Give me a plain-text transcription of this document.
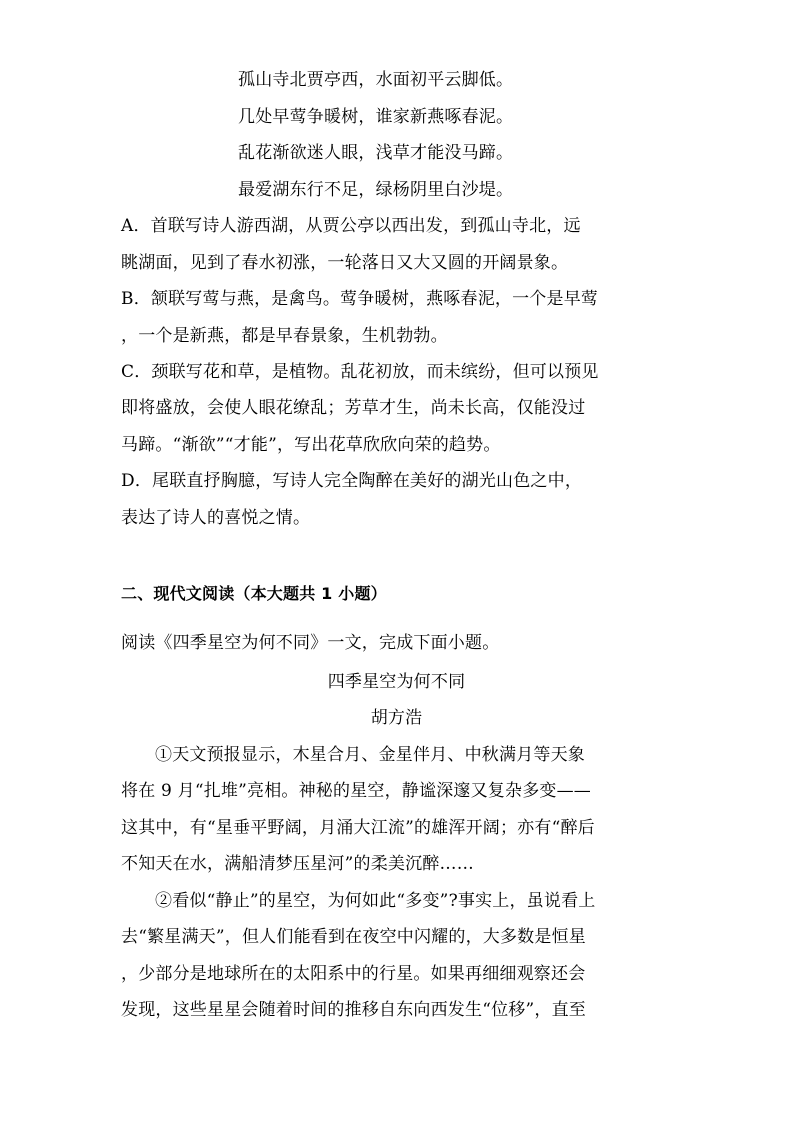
孤山寺北贾亭西，水面初平云脚低。
几处早莺争暖树，谁家新燕啄春泥。
乱花渐欲迷人眼，浅草才能没马蹄。
最爱湖东行不足，绿杨阴里白沙堤。
A．首联写诗人游西湖，从贾公亭以西出发，到孤山寺北，远
眺湖面，见到了春水初涨，一轮落日又大又圆的开阔景象。
B．颔联写莺与燕，是禽鸟。莺争暖树，燕啄春泥，一个是早莺
，一个是新燕，都是早春景象，生机勃勃。
C．颈联写花和草，是植物。乱花初放，而未缤纷，但可以预见
即将盛放，会使人眼花缭乱；芳草才生，尚未长高，仅能没过
马蹄。“渐欲”“才能”，写出花草欣欣向荣的趋势。
D．尾联直抒胸臆，写诗人完全陶醉在美好的湖光山色之中，
表达了诗人的喜悦之情。
二、现代文阅读（本大题共 1 小题）
阅读《四季星空为何不同》一文，完成下面小题。
四季星空为何不同
胡方浩
①天文预报显示，木星合月、金星伴月、中秋满月等天象
将在 9 月“扎堆”亮相。神秘的星空，静谧深邃又复杂多变——
这其中，有“星垂平野阔，月涌大江流”的雄浑开阔；亦有“醉后
不知天在水，满船清梦压星河”的柔美沉醉……
②看似“静止”的星空，为何如此“多变”?事实上，虽说看上
去“繁星满天”，但人们能看到在夜空中闪耀的，大多数是恒星
，少部分是地球所在的太阳系中的行星。如果再细细观察还会
发现，这些星星会随着时间的推移自东向西发生“位移”，直至
